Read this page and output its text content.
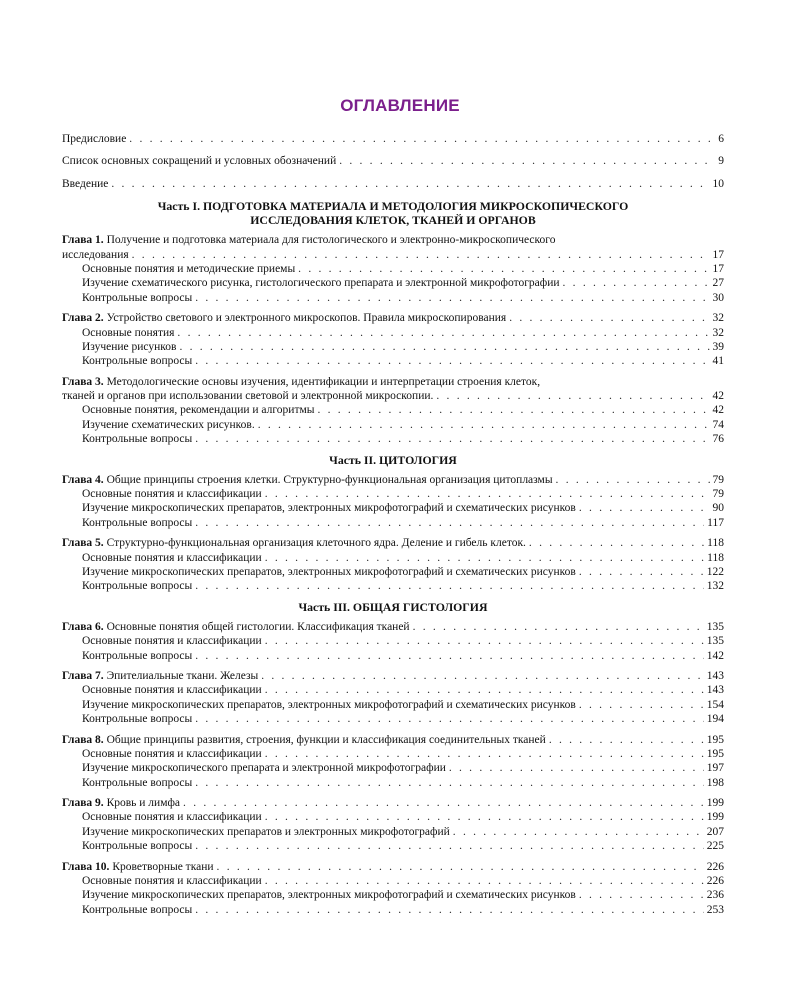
ОГЛАВЛЕНИЕ
Предисловие . . .	6
Список основных сокращений и условных обозначений . . .	9
Введение . . .	10
Часть I. ПОДГОТОВКА МАТЕРИАЛА И МЕТОДОЛОГИЯ МИКРОСКОПИЧЕСКОГО
ИССЛЕДОВАНИЯ КЛЕТОК, ТКАНЕЙ И ОРГАНОВ
Глава 1. Получение и подготовка материала для гистологического и электронно-микроскопического
исследования . . .	17
Основные понятия и методические приемы . . .	17
Изучение схематического рисунка, гистологического препарата и электронной микрофотографии . . .	27
Контрольные вопросы . . .	30
Глава 2. Устройство светового и электронного микроскопов. Правила микроскопирования . . .	32
Основные понятия . . .	32
Изучение рисунков . . .	39
Контрольные вопросы . . .	41
Глава 3. Методологические основы изучения, идентификации и интерпретации строения клеток,
тканей и органов при использовании световой и электронной микроскопии. . . .	42
Основные понятия, рекомендации и алгоритмы . . .	42
Изучение схематических рисунков. . . .	74
Контрольные вопросы . . .	76
Часть II. ЦИТОЛОГИЯ
Глава 4. Общие принципы строения клетки. Структурно-функциональная организация цитоплазмы . . .	79
Основные понятия и классификации . . .	79
Изучение микроскопических препаратов, электронных микрофотографий и схематических рисунков . . .	90
Контрольные вопросы . . .	117
Глава 5. Структурно-функциональная организация клеточного ядра. Деление и гибель клеток. . . .	118
Основные понятия и классификации . . .	118
Изучение микроскопических препаратов, электронных микрофотографий и схематических рисунков . . .	122
Контрольные вопросы . . .	132
Часть III. ОБЩАЯ ГИСТОЛОГИЯ
Глава 6. Основные понятия общей гистологии. Классификация тканей . . .	135
Основные понятия и классификации . . .	135
Контрольные вопросы . . .	142
Глава 7. Эпителиальные ткани. Железы . . .	143
Основные понятия и классификации . . .	143
Изучение микроскопических препаратов, электронных микрофотографий и схематических рисунков . . .	154
Контрольные вопросы . . .	194
Глава 8. Общие принципы развития, строения, функции и классификация соединительных тканей . . .	195
Основные понятия и классификации . . .	195
Изучение микроскопического препарата и электронной микрофотографии . . .	197
Контрольные вопросы . . .	198
Глава 9. Кровь и лимфа . . .	199
Основные понятия и классификации . . .	199
Изучение микроскопических препаратов и электронных микрофотографий . . .	207
Контрольные вопросы . . .	225
Глава 10. Кроветворные ткани . . .	226
Основные понятия и классификации . . .	226
Изучение микроскопических препаратов, электронных микрофотографий и схематических рисунков . . .	236
Контрольные вопросы . . .	253
